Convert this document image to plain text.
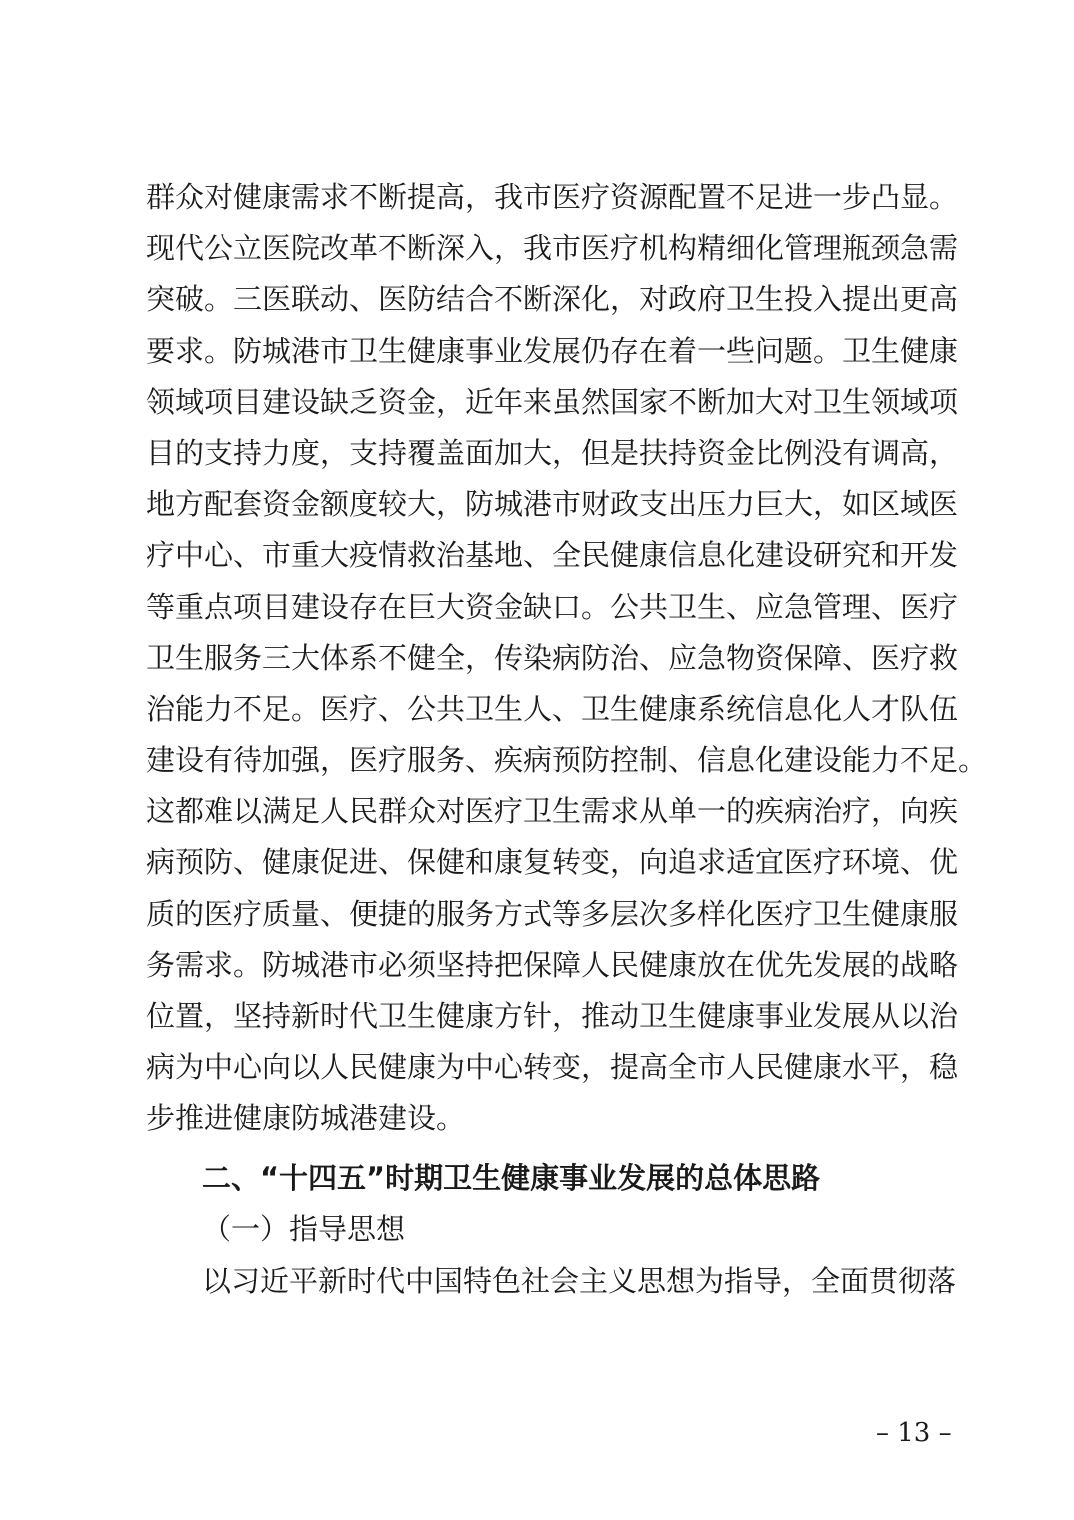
群众对健康需求不断提高，我市医疗资源配置不足进一步凸显。
现代公立医院改革不断深入，我市医疗机构精细化管理瓶颈急需
突破。三医联动、医防结合不断深化，对政府卫生投入提出更高
要求。防城港市卫生健康事业发展仍存在着一些问题。卫生健康
领域项目建设缺乏资金，近年来虽然国家不断加大对卫生领域项
目的支持力度，支持覆盖面加大，但是扶持资金比例没有调高，
地方配套资金额度较大，防城港市财政支出压力巨大，如区域医
疗中心、市重大疫情救治基地、全民健康信息化建设研究和开发
等重点项目建设存在巨大资金缺口。公共卫生、应急管理、医疗
卫生服务三大体系不健全，传染病防治、应急物资保障、医疗救
治能力不足。医疗、公共卫生人、卫生健康系统信息化人才队伍
建设有待加强，医疗服务、疾病预防控制、信息化建设能力不足。
这都难以满足人民群众对医疗卫生需求从单一的疾病治疗，向疾
病预防、健康促进、保健和康复转变，向追求适宜医疗环境、优
质的医疗质量、便捷的服务方式等多层次多样化医疗卫生健康服
务需求。防城港市必须坚持把保障人民健康放在优先发展的战略
位置，坚持新时代卫生健康方针，推动卫生健康事业发展从以治
病为中心向以人民健康为中心转变，提高全市人民健康水平，稳
步推进健康防城港建设。
二、“十四五”时期卫生健康事业发展的总体思路
（一）指导思想
以习近平新时代中国特色社会主义思想为指导，全面贯彻落
– 13 –
